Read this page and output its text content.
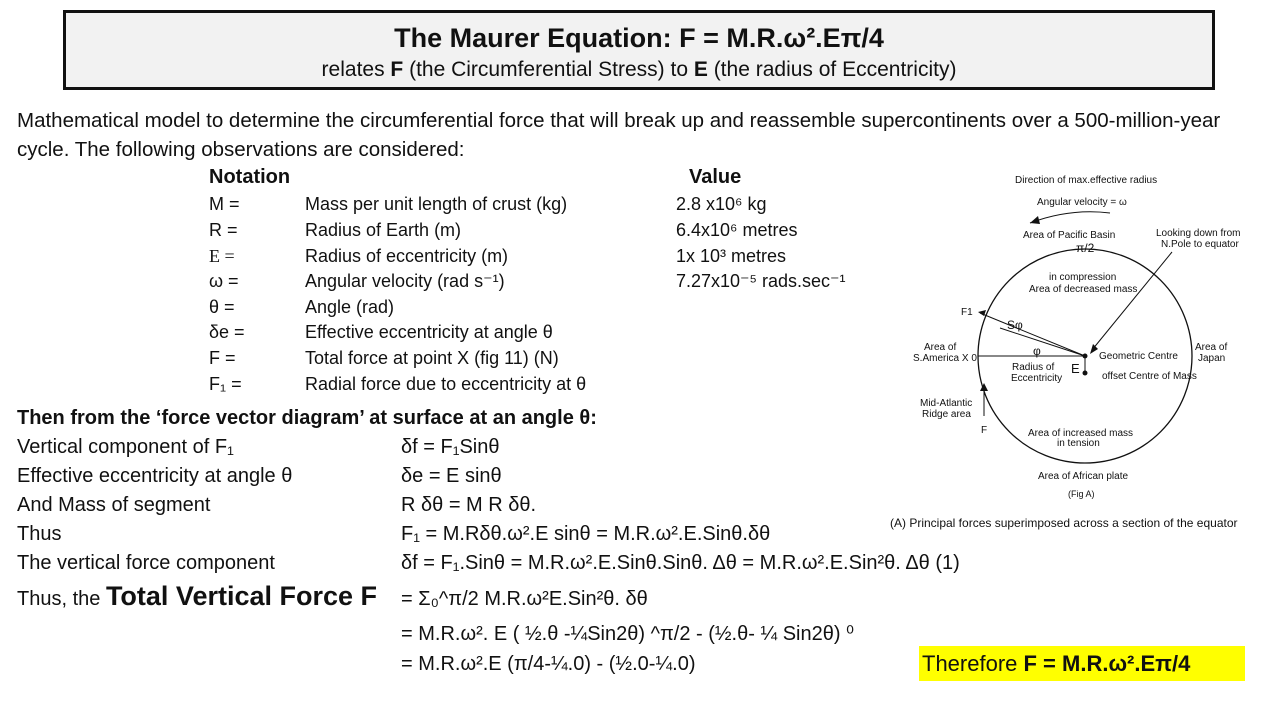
The Maurer Equation: F = M.R.ω².Eπ/4
relates F (the Circumferential Stress) to E (the radius of Eccentricity)
Mathematical model to determine the circumferential force that will break up and reassemble supercontinents over a 500-million-year cycle. The following observations are considered:
Notation	Value
M =	Mass per unit length of crust (kg)	2.8 x10⁶ kg
R =	Radius of Earth (m)	6.4x10⁶ metres
E =	Radius of eccentricity (m)	1x 10³ metres
ω =	Angular velocity (rad s⁻¹)	7.27x10⁻⁵ rads.sec⁻¹
θ =	Angle (rad)
δe =	Effective eccentricity at angle θ
F =	Total force at point X (fig 11) (N)
F₁ =	Radial force due to eccentricity at θ
Then from the ‘force vector diagram’ at surface at an angle θ:
Vertical component of F₁	δf = F₁Sinθ
Effective eccentricity at angle θ	δe = E sinθ
And Mass of segment	R δθ = M R δθ.
Thus	F₁ = M.Rδθ.ω².E sinθ = M.R.ω².E.Sinθ.δθ
The vertical force component	δf = F₁.Sinθ = M.R.ω².E.Sinθ.Sinθ. Δθ = M.R.ω².E.Sin²θ. Δθ (1)
Thus, the Total Vertical Force F = Σ₀^π/2 M.R.ω²E.Sin²θ. δθ
= M.R.ω². E ( ½.θ -¼Sin2θ) ^π/2 - (½.θ- ¼ Sin2θ) ⁰
= M.R.ω².E (π/4-¼.0) - (½.0-¼.0)	Therefore F = M.R.ω².Eπ/4
Direction of max.effective radius
Angular velocity = ω
Area of Pacific Basin
π/2
Looking down from
N.Pole to equator
in compression
Area of decreased mass
F1
Sφ
φ
Area of
S.America X 0
Area of
Japan
Geometric Centre
offset Centre of Mass
Radius of
Eccentricity
E
Mid-Atlantic
Ridge area
F	Area of increased mass
in tension
Area of African plate
(Fig A)
(A) Principal forces superimposed across a section of the equator
